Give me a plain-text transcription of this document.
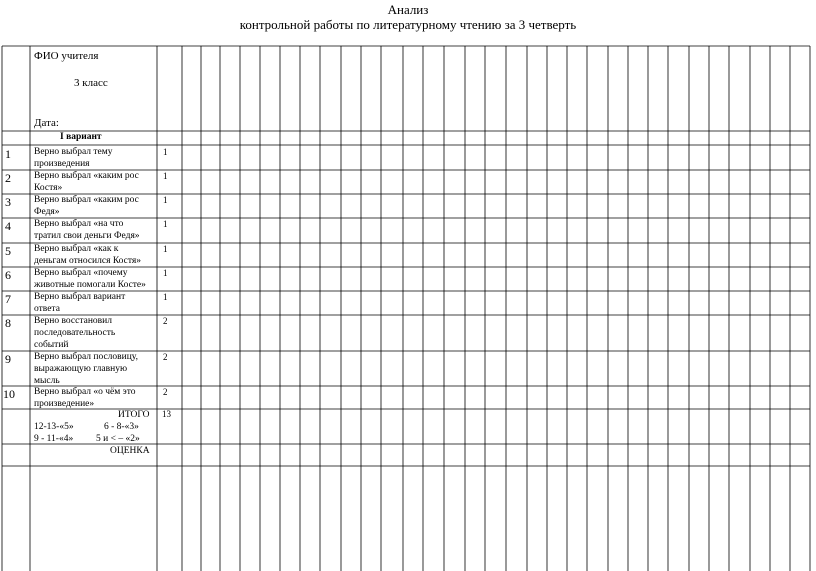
Анализ
контрольной работы по литературному чтению за 3 четверть
ФИО учителя
3 класс
Дата:
I вариант
1 Верно выбрал тему
произведения
1
2 Верно выбрал «каким рос
Костя»
1
3 Верно выбрал «каким рос
Федя»
1
4 Верно выбрал «на что
тратил свои деньги Федя»
1
5 Верно выбрал «как к
деньгам относился Костя»
1
6 Верно выбрал «почему
животные помогали Косте»
1
7 Верно выбрал вариант
ответа
1
8 Верно восстановил
последовательность
событий
2
9 Верно выбрал пословицу,
выражающую главную
мысль
2
10 Верно выбрал «о чём это
произведение»
2
ИТОГО 13
12-13-«5»	6 - 8-«3»
9 - 11-«4» 5 и < – «2»
ОЦЕНКА
